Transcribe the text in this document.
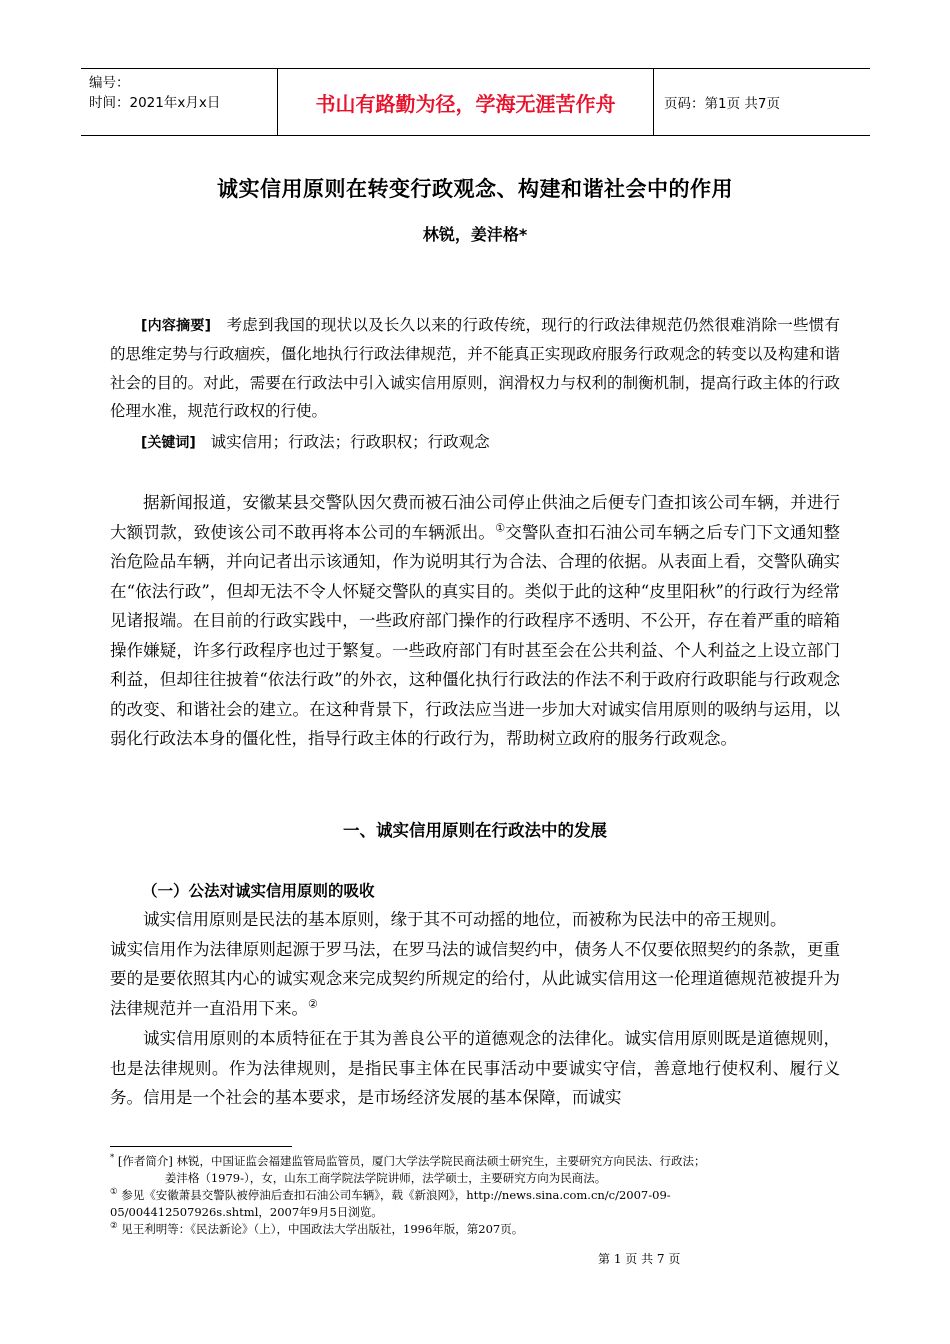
编号：
时间：2021年x月x日	书山有路勤为径，学海无涯苦作舟	页码：第1页 共7页
诚实信用原则在转变行政观念、构建和谐社会中的作用
林锐，姜沣格*

[内容摘要] 考虑到我国的现状以及长久以来的行政传统，现行的行政法律规范仍然很难消除一些惯有的思维定势与行政痼疾，僵化地执行行政法律规范，并不能真正实现政府服务行政观念的转变以及构建和谐社会的目的。对此，需要在行政法中引入诚实信用原则，润滑权力与权利的制衡机制，提高行政主体的行政伦理水准，规范行政权的行使。

[关键词] 诚实信用；行政法；行政职权；行政观念

据新闻报道，安徽某县交警队因欠费而被石油公司停止供油之后便专门查扣该公司车辆，并进行大额罚款，致使该公司不敢再将本公司的车辆派出。①交警队查扣石油公司车辆之后专门下文通知整治危险品车辆，并向记者出示该通知，作为说明其行为合法、合理的依据。从表面上看，交警队确实在“依法行政”，但却无法不令人怀疑交警队的真实目的。类似于此的这种“皮里阳秋”的行政行为经常见诸报端。在目前的行政实践中，一些政府部门操作的行政程序不透明、不公开，存在着严重的暗箱操作嫌疑，许多行政程序也过于繁复。一些政府部门有时甚至会在公共利益、个人利益之上设立部门利益，但却往往披着“依法行政”的外衣，这种僵化执行行政法的作法不利于政府行政职能与行政观念的改变、和谐社会的建立。在这种背景下，行政法应当进一步加大对诚实信用原则的吸纳与运用，以弱化行政法本身的僵化性，指导行政主体的行政行为，帮助树立政府的服务行政观念。

一、诚实信用原则在行政法中的发展
（一）公法对诚实信用原则的吸收

诚实信用原则是民法的基本原则，缘于其不可动摇的地位，而被称为民法中的帝王规则。
诚实信用作为法律原则起源于罗马法，在罗马法的诚信契约中，债务人不仅要依照契约的条款，更重要的是要依照其内心的诚实观念来完成契约所规定的给付，从此诚实信用这一伦理道德规范被提升为法律规范并一直沿用下来。②

诚实信用原则的本质特征在于其为善良公平的道德观念的法律化。诚实信用原则既是道德规则，也是法律规则。作为法律规则，是指民事主体在民事活动中要诚实守信，善意地行使权利、履行义务。信用是一个社会的基本要求，是市场经济发展的基本保障，而诚实

* [作者简介] 林锐，中国证监会福建监管局监管员，厦门大学法学院民商法硕士研究生，主要研究方向民法、行政法；
姜沣格（1979-），女，山东工商学院法学院讲师，法学硕士，主要研究方向为民商法。

① 参见《安徽萧县交警队被停油后查扣石油公司车辆》，载《新浪网》，http://news.sina.com.cn/c/2007-09-
05/004412507926s.shtml，2007年9月5日浏览。

② 见王利明等：《民法新论》（上），中国政法大学出版社，1996年版，第207页。

第 1 页 共 7 页
